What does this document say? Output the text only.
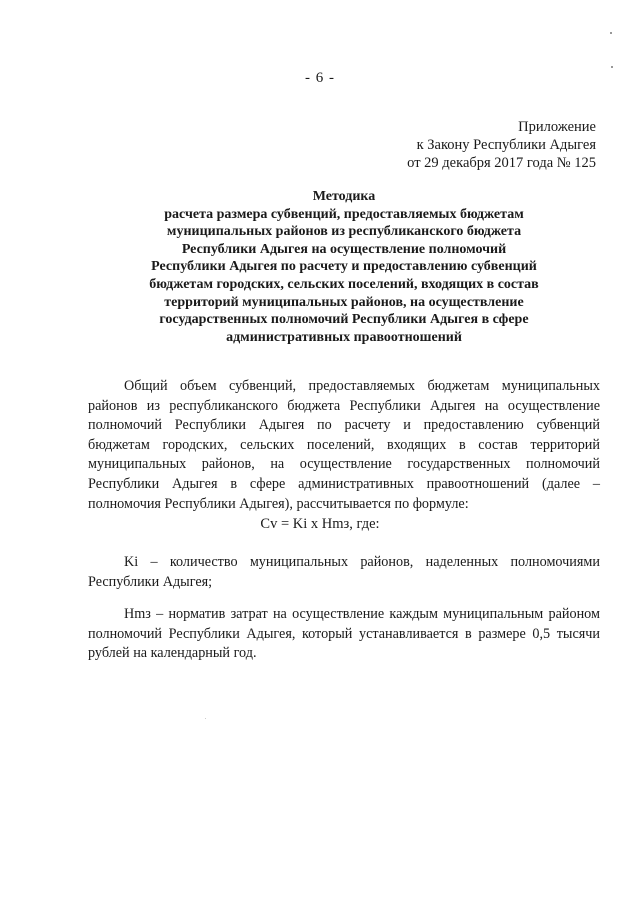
- 6 -
Приложение
к Закону Республики Адыгея
от 29 декабря 2017 года № 125
Методика
расчета размера субвенций, предоставляемых бюджетам
муниципальных районов из республиканского бюджета
Республики Адыгея на осуществление полномочий
Республики Адыгея по расчету и предоставлению субвенций
бюджетам городских, сельских поселений, входящих в состав
территорий муниципальных районов, на осуществление
государственных полномочий Республики Адыгея в сфере
административных правоотношений

Общий объем субвенций, предоставляемых бюджетам муниципальных районов из республиканского бюджета Республики Адыгея на осуществление полномочий Республики Адыгея по расчету и предоставлению субвенций бюджетам городских, сельских поселений, входящих в состав территорий муниципальных районов, на осуществление государственных полномочий Республики Адыгея в сфере административных правоотношений (далее – полномочия Республики Адыгея), рассчитывается по формуле:

Cv = Ki x Hmз, где:

Ki – количество муниципальных районов, наделенных полномочиями Республики Адыгея;

Hmз – норматив затрат на осуществление каждым муниципальным районом полномочий Республики Адыгея, который устанавливается в размере 0,5 тысячи рублей на календарный год.
